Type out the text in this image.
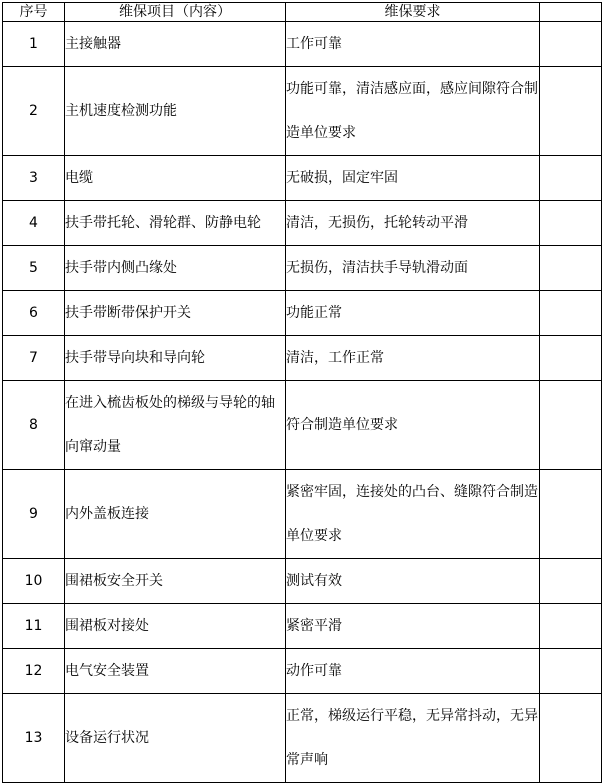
序号	维保项目（内容）	维保要求	
1	主接触器	工作可靠	
2	主机速度检测功能	功能可靠，清洁感应面，感应间隙符合制造单位要求	
3	电缆	无破损，固定牢固	
4	扶手带托轮、滑轮群、防静电轮	清洁，无损伤，托轮转动平滑	
5	扶手带内侧凸缘处	无损伤，清洁扶手导轨滑动面	
6	扶手带断带保护开关	功能正常	
7	扶手带导向块和导向轮	清洁，工作正常	
8	在进入梳齿板处的梯级与导轮的轴向窜动量	符合制造单位要求	
9	内外盖板连接	紧密牢固，连接处的凸台、缝隙符合制造单位要求	
10	围裙板安全开关	测试有效	
11	围裙板对接处	紧密平滑	
12	电气安全装置	动作可靠	
13	设备运行状况	正常，梯级运行平稳，无异常抖动，无异常声响	
